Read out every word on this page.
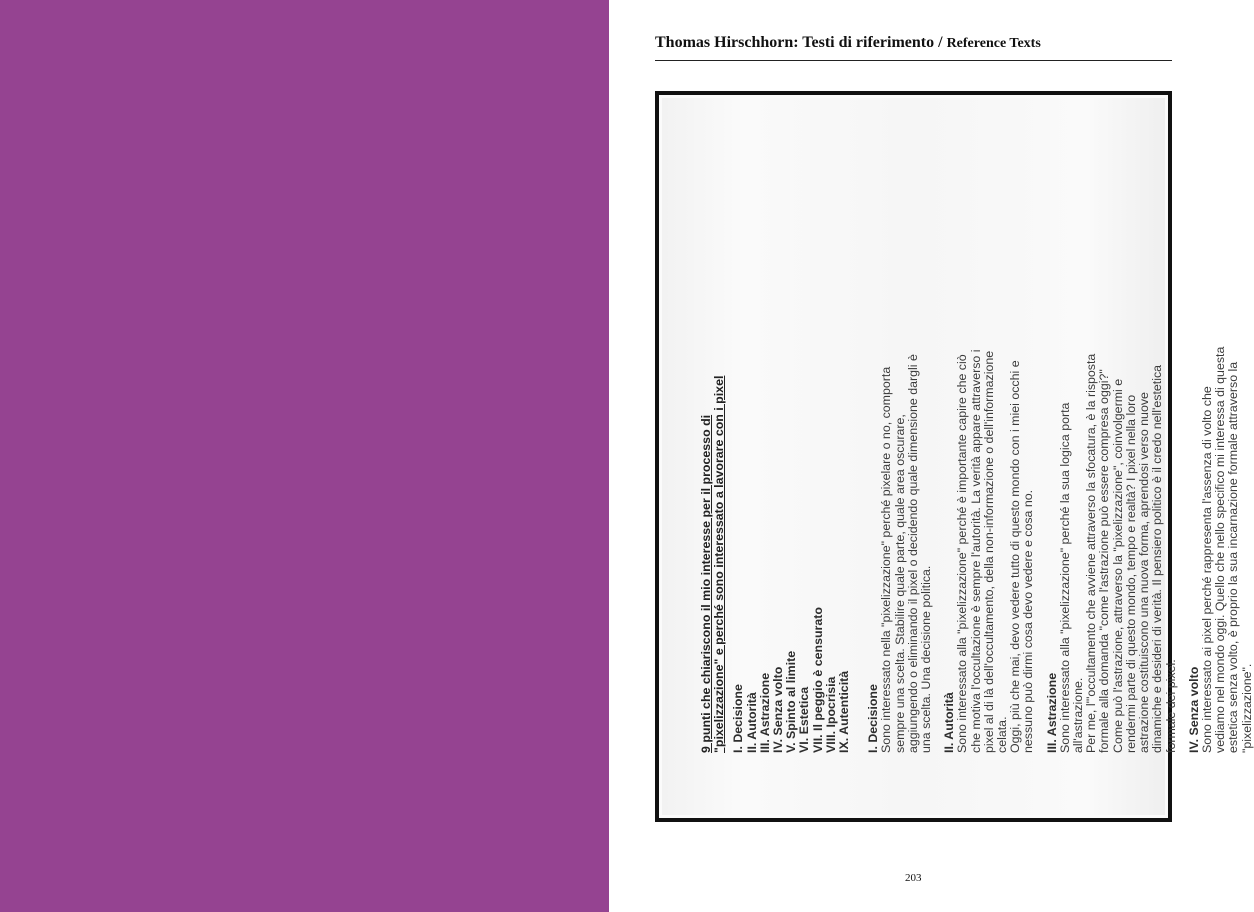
Thomas Hirschhorn: Testi di riferimento / Reference Texts
9 punti che chiariscono il mio interesse per il processo di "pixelizzazione" e perché sono interessato a lavorare con i pixel I. Decisione II. Autorità III. Astrazione IV. Senza volto V. Spinto al limite VI. Estetica VII. Il peggio è censurato VIII. Ipocrisia IX. Autenticità I. Decisione Sono interessato nella "pixelizzazione" perché pixelare o no, comporta sempre una scelta. Stabilire quale parte, quale area oscurare, aggiungendo o eliminando il pixel o decidendo quale dimensione dargli è una scelta. Una decisione politica. II. Autorità Sono interessato alla "pixelizzazione" perché è importante capire che ciò che motiva l'occultazione è sempre l'autorità. La verità appare attraverso i pixel al di là dell'occultamento, della non-informazione o dell'informazione celata. Oggi, più che mai, devo vedere tutto di questo mondo con i miei occhi e nessuno può dirmi cosa devo vedere e cosa no. III. Astrazione Sono interessato alla "pixelizzazione" perché la sua logica porta all'astrazione. Per me, l'"occultamento che avviene attraverso la sfocatura, è la risposta formale alla domanda "come l'astrazione può essere compresa oggi?" Come può l'astrazione, attraverso la "pixelizzazione", coinvolgermi e rendermi parte di questo mondo, tempo e realtà? I pixel nella loro astrazione costituiscono una nuova forma, aprendosi verso nuove dinamiche e desideri di verità. Il pensiero politico è il credo nell'estetica formale dei pixel. IV. Senza volto Sono interessato ai pixel perché rappresenta l'assenza di volto che vediamo nel mondo oggi. Quello che nello specifico mi interessa di questa estetica senza volto, è proprio la sua incarnazione formale attraverso la "pixelizzazione".

203
